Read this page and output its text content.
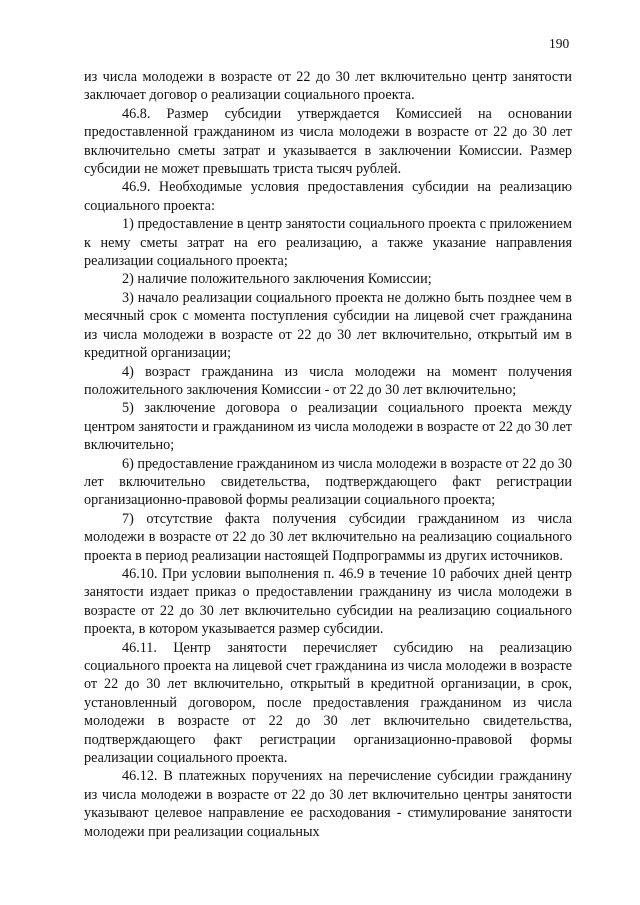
190

из числа молодежи в возрасте от 22 до 30 лет включительно центр занятости заключает договор о реализации социального проекта.

46.8. Размер субсидии утверждается Комиссией на основании предоставленной гражданином из числа молодежи в возрасте от 22 до 30 лет включительно сметы затрат и указывается в заключении Комиссии. Размер субсидии не может превышать триста тысяч рублей.

46.9. Необходимые условия предоставления субсидии на реализацию социального проекта:

1) предоставление в центр занятости социального проекта с приложением к нему сметы затрат на его реализацию, а также указание направления реализации социального проекта;

2) наличие положительного заключения Комиссии;

3) начало реализации социального проекта не должно быть позднее чем в месячный срок с момента поступления субсидии на лицевой счет гражданина из числа молодежи в возрасте от 22 до 30 лет включительно, открытый им в кредитной организации;

4) возраст гражданина из числа молодежи на момент получения положительного заключения Комиссии - от 22 до 30 лет включительно;

5) заключение договора о реализации социального проекта между центром занятости и гражданином из числа молодежи в возрасте от 22 до 30 лет включительно;

6) предоставление гражданином из числа молодежи в возрасте от 22 до 30 лет включительно свидетельства, подтверждающего факт регистрации организационно-правовой формы реализации социального проекта;

7) отсутствие факта получения субсидии гражданином из числа молодежи в возрасте от 22 до 30 лет включительно на реализацию социального проекта в период реализации настоящей Подпрограммы из других источников.

46.10. При условии выполнения п. 46.9 в течение 10 рабочих дней центр занятости издает приказ о предоставлении гражданину из числа молодежи в возрасте от 22 до 30 лет включительно субсидии на реализацию социального проекта, в котором указывается размер субсидии.

46.11. Центр занятости перечисляет субсидию на реализацию социального проекта на лицевой счет гражданина из числа молодежи в возрасте от 22 до 30 лет включительно, открытый в кредитной организации, в срок, установленный договором, после предоставления гражданином из числа молодежи в возрасте от 22 до 30 лет включительно свидетельства, подтверждающего факт регистрации организационно-правовой формы реализации социального проекта.

46.12. В платежных поручениях на перечисление субсидии гражданину из числа молодежи в возрасте от 22 до 30 лет включительно центры занятости указывают целевое направление ее расходования - стимулирование занятости молодежи при реализации социальных
